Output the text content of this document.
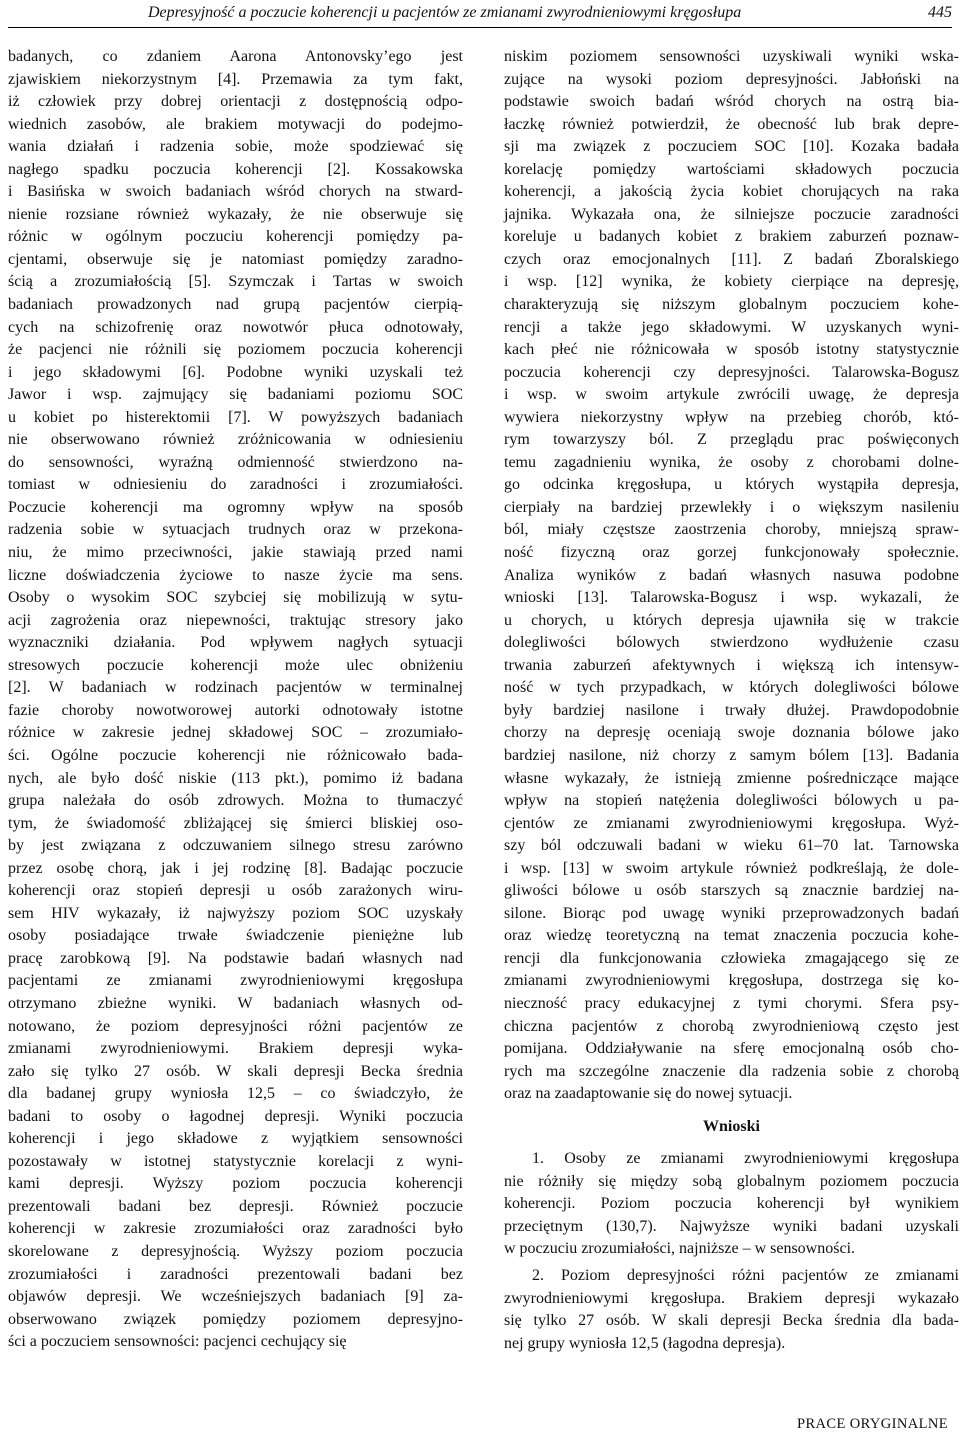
Depresyjność a poczucie koherencji u pacjentów ze zmianami zwyrodnieniowymi kręgosłupa	445
badanych, co zdaniem Aarona Antonovsky’ego jest
zjawiskiem niekorzystnym [4]. Przemawia za tym fakt,
iż człowiek przy dobrej orientacji z dostępnością odpo-
wiednich zasobów, ale brakiem motywacji do podejmo-
wania działań i radzenia sobie, może spodziewać się
nagłego spadku poczucia koherencji [2]. Kossakowska
i Basińska w swoich badaniach wśród chorych na stward-
nienie rozsiane również wykazały, że nie obserwuje się
różnic w ogólnym poczuciu koherencji pomiędzy pa-
cjentami, obserwuje się je natomiast pomiędzy zaradno-
ścią a zrozumiałością [5]. Szymczak i Tartas w swoich
badaniach prowadzonych nad grupą pacjentów cierpią-
cych na schizofrenię oraz nowotwór płuca odnotowały,
że pacjenci nie różnili się poziomem poczucia koherencji
i jego składowymi [6]. Podobne wyniki uzyskali też
Jawor i wsp. zajmujący się badaniami poziomu SOC
u kobiet po histerektomii [7]. W powyższych badaniach
nie obserwowano również zróżnicowania w odniesieniu
do sensowności, wyraźną odmienność stwierdzono na-
tomiast w odniesieniu do zaradności i zrozumiałości.
Poczucie koherencji ma ogromny wpływ na sposób
radzenia sobie w sytuacjach trudnych oraz w przekona-
niu, że mimo przeciwności, jakie stawiają przed nami
liczne doświadczenia życiowe to nasze życie ma sens.
Osoby o wysokim SOC szybciej się mobilizują w sytu-
acji zagrożenia oraz niepewności, traktując stresory jako
wyznaczniki działania. Pod wpływem nagłych sytuacji
stresowych poczucie koherencji może ulec obniżeniu
[2]. W badaniach w rodzinach pacjentów w terminalnej
fazie choroby nowotworowej autorki odnotowały istotne
różnice w zakresie jednej składowej SOC – zrozumiało-
ści. Ogólne poczucie koherencji nie różnicowało bada-
nych, ale było dość niskie (113 pkt.), pomimo iż badana
grupa należała do osób zdrowych. Można to tłumaczyć
tym, że świadomość zbliżającej się śmierci bliskiej oso-
by jest związana z odczuwaniem silnego stresu zarówno
przez osobę chorą, jak i jej rodzinę [8]. Badając poczucie
koherencji oraz stopień depresji u osób zarażonych wiru-
sem HIV wykazały, iż najwyższy poziom SOC uzyskały
osoby posiadające trwałe świadczenie pieniężne lub
pracę zarobkową [9]. Na podstawie badań własnych nad
pacjentami ze zmianami zwyrodnieniowymi kręgosłupa
otrzymano zbieżne wyniki. W badaniach własnych od-
notowano, że poziom depresyjności różni pacjentów ze
zmianami zwyrodnieniowymi. Brakiem depresji wyka-
zało się tylko 27 osób. W skali depresji Becka średnia
dla badanej grupy wyniosła 12,5 – co świadczyło, że
badani to osoby o łagodnej depresji. Wyniki poczucia
koherencji i jego składowe z wyjątkiem sensowności
pozostawały w istotnej statystycznie korelacji z wyni-
kami depresji. Wyższy poziom poczucia koherencji
prezentowali badani bez depresji. Również poczucie
koherencji w zakresie zrozumiałości oraz zaradności było
skorelowane z depresyjnością. Wyższy poziom poczucia
zrozumiałości i zaradności prezentowali badani bez
objawów depresji. We wcześniejszych badaniach [9] za-
obserwowano związek pomiędzy poziomem depresyjno-
ści a poczuciem sensowności: pacjenci cechujący się
niskim poziomem sensowności uzyskiwali wyniki wska-
zujące na wysoki poziom depresyjności. Jabłoński na
podstawie swoich badań wśród chorych na ostrą bia-
łaczkę również potwierdził, że obecność lub brak depre-
sji ma związek z poczuciem SOC [10]. Kozaka badała
korelację pomiędzy wartościami składowych poczucia
koherencji, a jakością życia kobiet chorujących na raka
jajnika. Wykazała ona, że silniejsze poczucie zaradności
koreluje u badanych kobiet z brakiem zaburzeń poznaw-
czych oraz emocjonalnych [11]. Z badań Zboralskiego
i wsp. [12] wynika, że kobiety cierpiące na depresję,
charakteryzują się niższym globalnym poczuciem kohe-
rencji a także jego składowymi. W uzyskanych wyni-
kach płeć nie różnicowała w sposób istotny statystycznie
poczucia koherencji czy depresyjności. Talarowska-Bogusz
i wsp. w swoim artykule zwrócili uwagę, że depresja
wywiera niekorzystny wpływ na przebieg chorób, któ-
rym towarzyszy ból. Z przeglądu prac poświęconych
temu zagadnieniu wynika, że osoby z chorobami dolne-
go odcinka kręgosłupa, u których wystąpiła depresja,
cierpiały na bardziej przewlekły i o większym nasileniu
ból, miały częstsze zaostrzenia choroby, mniejszą spraw-
ność fizyczną oraz gorzej funkcjonowały społecznie.
Analiza wyników z badań własnych nasuwa podobne
wnioski [13]. Talarowska-Bogusz i wsp. wykazali, że
u chorych, u których depresja ujawniła się w trakcie
dolegliwości bólowych stwierdzono wydłużenie czasu
trwania zaburzeń afektywnych i większą ich intensyw-
ność w tych przypadkach, w których dolegliwości bólowe
były bardziej nasilone i trwały dłużej. Prawdopodobnie
chorzy na depresję oceniają swoje doznania bólowe jako
bardziej nasilone, niż chorzy z samym bólem [13]. Badania
własne wykazały, że istnieją zmienne pośredniczące mające
wpływ na stopień natężenia dolegliwości bólowych u pa-
cjentów ze zmianami zwyrodnieniowymi kręgosłupa. Wyż-
szy ból odczuwali badani w wieku 61–70 lat. Tarnowska
i wsp. [13] w swoim artykule również podkreślają, że dole-
gliwości bólowe u osób starszych są znacznie bardziej na-
silone. Biorąc pod uwagę wyniki przeprowadzonych badań
oraz wiedzę teoretyczną na temat znaczenia poczucia kohe-
rencji dla funkcjonowania człowieka zmagającego się ze
zmianami zwyrodnieniowymi kręgosłupa, dostrzega się ko-
nieczność pracy edukacyjnej z tymi chorymi. Sfera psy-
chiczna pacjentów z chorobą zwyrodnieniową często jest
pomijana. Oddziaływanie na sferę emocjonalną osób cho-
rych ma szczególne znaczenie dla radzenia sobie z chorobą
oraz na zaadaptowanie się do nowej sytuacji.
Wnioski
1. Osoby ze zmianami zwyrodnieniowymi kręgosłupa
nie różniły się między sobą globalnym poziomem poczucia
koherencji. Poziom poczucia koherencji był wynikiem
przeciętnym (130,7). Najwyższe wyniki badani uzyskali
w poczuciu zrozumiałości, najniższe – w sensowności.
2. Poziom depresyjności różni pacjentów ze zmianami
zwyrodnieniowymi kręgosłupa. Brakiem depresji wykazało
się tylko 27 osób. W skali depresji Becka średnia dla bada-
nej grupy wyniosła 12,5 (łagodna depresja).
PRACE ORYGINALNE
